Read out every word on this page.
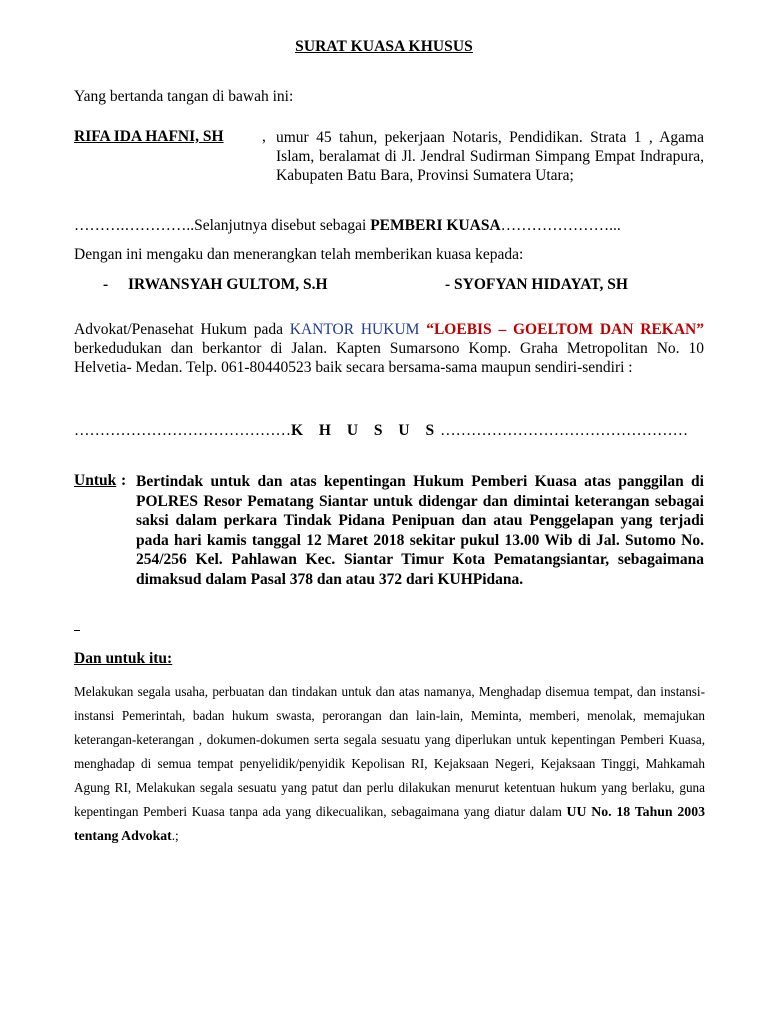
SURAT KUASA KHUSUS
Yang bertanda tangan di bawah ini:
RIFA IDA HAFNI, SH , umur 45 tahun, pekerjaan Notaris, Pendidikan. Strata 1 , Agama Islam, beralamat di Jl. Jendral Sudirman Simpang Empat Indrapura, Kabupaten Batu Bara, Provinsi Sumatera Utara;
……….…………..Selanjutnya disebut sebagai PEMBERI KUASA…………………...
Dengan ini mengaku dan menerangkan telah memberikan kuasa kepada:
- IRWANSYAH GULTOM, S.H	- SYOFYAN HIDAYAT, SH
Advokat/Penasehat Hukum pada KANTOR HUKUM “LOEBIS – GOELTOM DAN REKAN” berkedudukan dan berkantor di Jalan. Kapten Sumarsono Komp. Graha Metropolitan No. 10 Helvetia- Medan. Telp. 061-80440523 baik secara bersama-sama maupun sendiri-sendiri :
……………………………………K H U S U S…………………………………………
Untuk : Bertindak untuk dan atas kepentingan Hukum Pemberi Kuasa atas panggilan di POLRES Resor Pematang Siantar untuk didengar dan dimintai keterangan sebagai saksi dalam perkara Tindak Pidana Penipuan dan atau Penggelapan yang terjadi pada hari kamis tanggal 12 Maret 2018 sekitar pukul 13.00 Wib di Jal. Sutomo No. 254/256 Kel. Pahlawan Kec. Siantar Timur Kota Pematangsiantar, sebagaimana dimaksud dalam Pasal 378 dan atau 372 dari KUHPidana.
Dan untuk itu:
Melakukan segala usaha, perbuatan dan tindakan untuk dan atas namanya, Menghadap disemua tempat, dan instansi-instansi Pemerintah, badan hukum swasta, perorangan dan lain-lain, Meminta, memberi, menolak, memajukan keterangan-keterangan , dokumen-dokumen serta segala sesuatu yang diperlukan untuk kepentingan Pemberi Kuasa, menghadap di semua tempat penyelidik/penyidik Kepolisan RI, Kejaksaan Negeri, Kejaksaan Tinggi, Mahkamah Agung RI, Melakukan segala sesuatu yang patut dan perlu dilakukan menurut ketentuan hukum yang berlaku, guna kepentingan Pemberi Kuasa tanpa ada yang dikecualikan, sebagaimana yang diatur dalam UU No. 18 Tahun 2003 tentang Advokat.;
